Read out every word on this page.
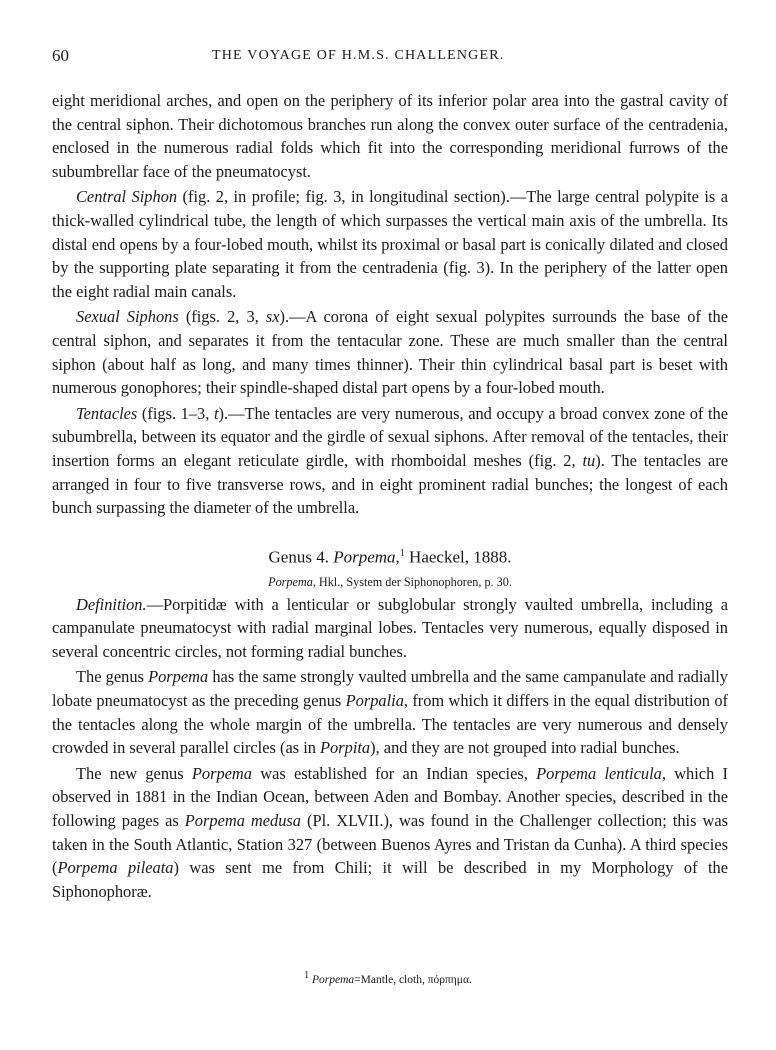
60	THE VOYAGE OF H.M.S. CHALLENGER.

eight meridional arches, and open on the periphery of its inferior polar area into the gastral cavity of the central siphon. Their dichotomous branches run along the convex outer surface of the centradenia, enclosed in the numerous radial folds which fit into the corresponding meridional furrows of the subumbrellar face of the pneumatocyst.

Central Siphon (fig. 2, in profile; fig. 3, in longitudinal section).—The large central polypite is a thick-walled cylindrical tube, the length of which surpasses the vertical main axis of the umbrella. Its distal end opens by a four-lobed mouth, whilst its proximal or basal part is conically dilated and closed by the supporting plate separating it from the centradenia (fig. 3). In the periphery of the latter open the eight radial main canals.

Sexual Siphons (figs. 2, 3, sx).—A corona of eight sexual polypites surrounds the base of the central siphon, and separates it from the tentacular zone. These are much smaller than the central siphon (about half as long, and many times thinner). Their thin cylindrical basal part is beset with numerous gonophores; their spindle-shaped distal part opens by a four-lobed mouth.

Tentacles (figs. 1–3, t).—The tentacles are very numerous, and occupy a broad convex zone of the subumbrella, between its equator and the girdle of sexual siphons. After removal of the tentacles, their insertion forms an elegant reticulate girdle, with rhomboidal meshes (fig. 2, tu). The tentacles are arranged in four to five transverse rows, and in eight prominent radial bunches; the longest of each bunch surpassing the diameter of the umbrella.

Genus 4. Porpema,$^1$ Haeckel, 1888.
Porpema, Hkl., System der Siphonophoren, p. 30.

Definition.—Porpitidæ with a lenticular or subglobular strongly vaulted umbrella, including a campanulate pneumatocyst with radial marginal lobes. Tentacles very numerous, equally disposed in several concentric circles, not forming radial bunches.

The genus Porpema has the same strongly vaulted umbrella and the same campanulate and radially lobate pneumatocyst as the preceding genus Porpalia, from which it differs in the equal distribution of the tentacles along the whole margin of the umbrella. The tentacles are very numerous and densely crowded in several parallel circles (as in Porpita), and they are not grouped into radial bunches.

The new genus Porpema was established for an Indian species, Porpema lenticula, which I observed in 1881 in the Indian Ocean, between Aden and Bombay. Another species, described in the following pages as Porpema medusa (Pl. XLVII.), was found in the Challenger collection; this was taken in the South Atlantic, Station 327 (between Buenos Ayres and Tristan da Cunha). A third species (Porpema pileata) was sent me from Chili; it will be described in my Morphology of the Siphonophoræ.

$^1$ Porpema=Mantle, cloth, πόρπημα.
